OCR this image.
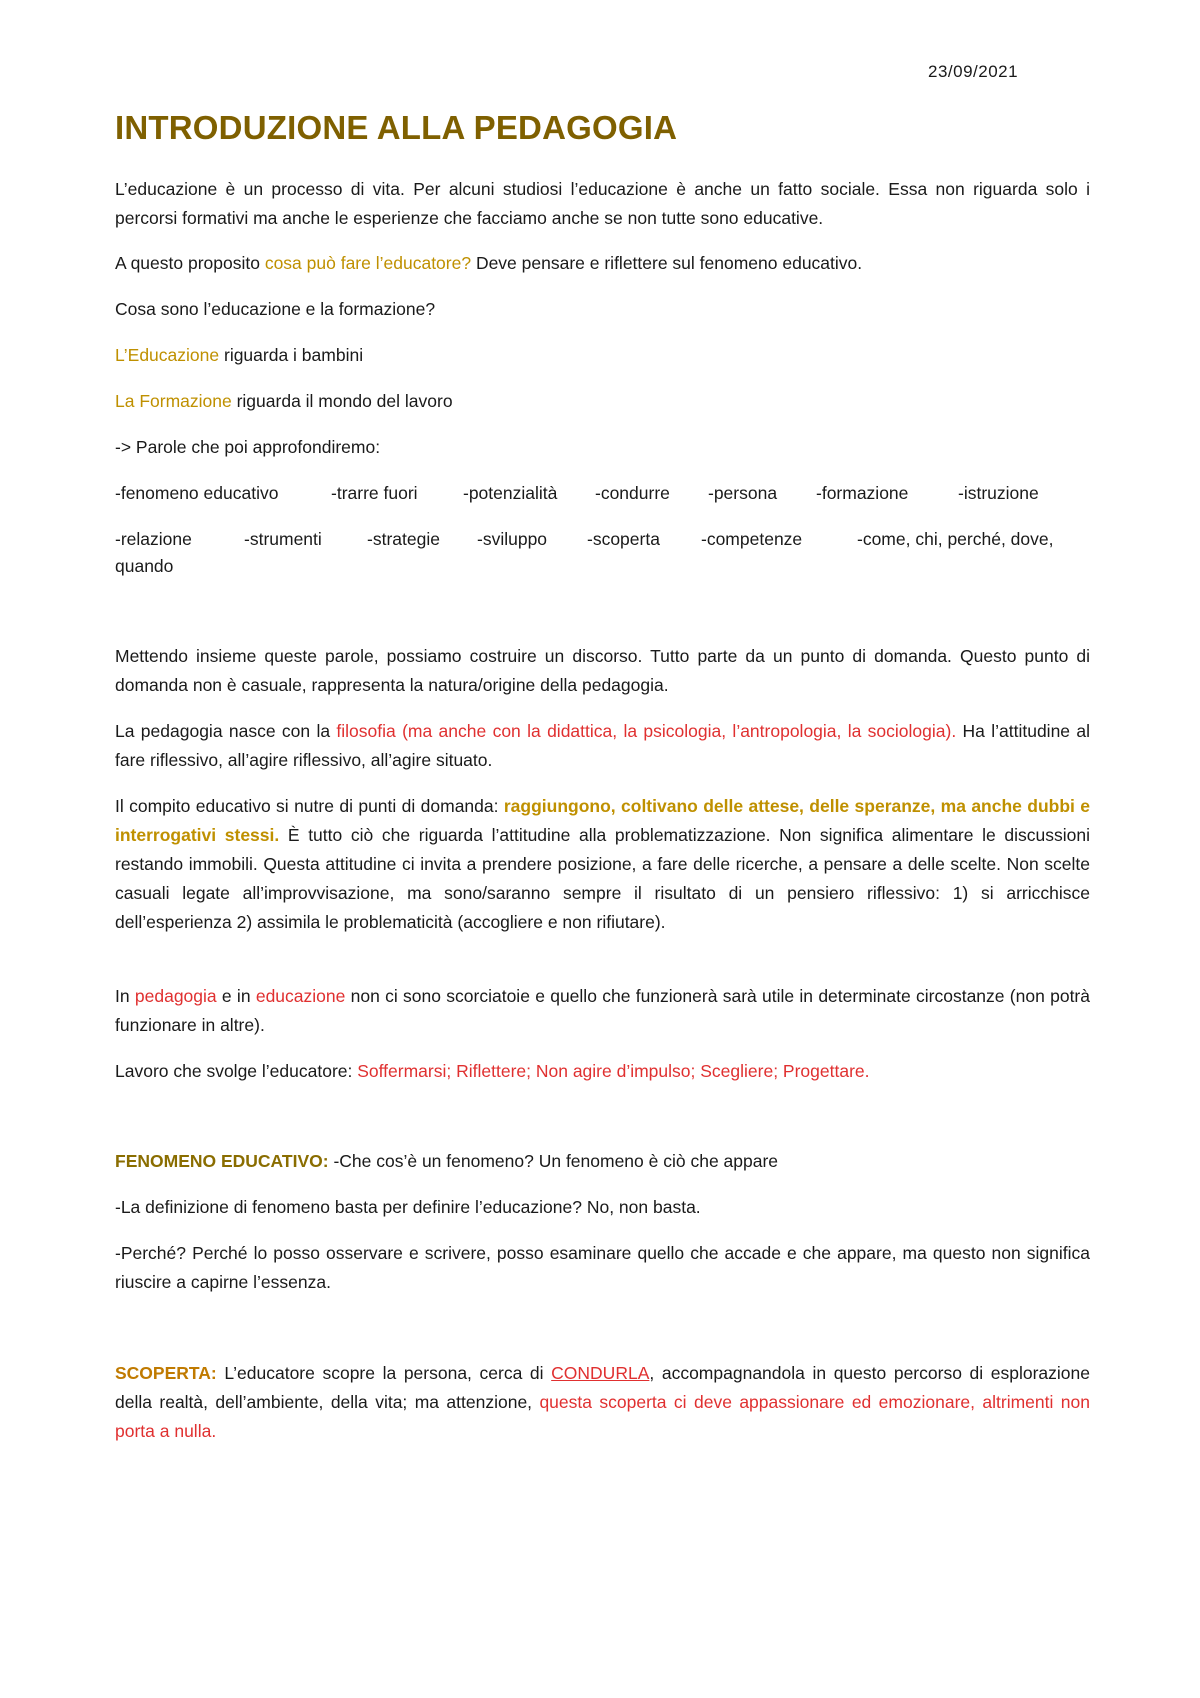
23/09/2021
INTRODUZIONE ALLA PEDAGOGIA

L’educazione è un processo di vita. Per alcuni studiosi l’educazione è anche un fatto sociale. Essa non riguarda solo i percorsi formativi ma anche le esperienze che facciamo anche se non tutte sono educative.

A questo proposito cosa può fare l’educatore? Deve pensare e riflettere sul fenomeno educativo.

Cosa sono l’educazione e la formazione?

L’Educazione riguarda i bambini

La Formazione riguarda il mondo del lavoro

-> Parole che poi approfondiremo:

-fenomeno educativo	-trarre fuori	-potenzialità -condurre -persona -formazione	-istruzione
-relazione	-strumenti	-strategie -sviluppo -scoperta -competenze	-come, chi, perché, dove,

quando

Mettendo insieme queste parole, possiamo costruire un discorso. Tutto parte da un punto di domanda. Questo punto di domanda non è casuale, rappresenta la natura/origine della pedagogia.

La pedagogia nasce con la filosofia (ma anche con la didattica, la psicologia, l’antropologia, la sociologia). Ha l’attitudine al fare riflessivo, all’agire riflessivo, all’agire situato.

Il compito educativo si nutre di punti di domanda: raggiungono, coltivano delle attese, delle speranze, ma anche dubbi e interrogativi stessi. È tutto ciò che riguarda l’attitudine alla problematizzazione. Non significa alimentare le discussioni restando immobili. Questa attitudine ci invita a prendere posizione, a fare delle ricerche, a pensare a delle scelte. Non scelte casuali legate all’improvvisazione, ma sono/saranno sempre il risultato di un pensiero riflessivo: 1) si arricchisce dell’esperienza 2) assimila le problematicità (accogliere e non rifiutare).

In pedagogia e in educazione non ci sono scorciatoie e quello che funzionerà sarà utile in determinate circostanze (non potrà funzionare in altre).

Lavoro che svolge l’educatore: Soffermarsi; Riflettere; Non agire d’impulso; Scegliere; Progettare.

FENOMENO EDUCATIVO: -Che cos’è un fenomeno? Un fenomeno è ciò che appare

-La definizione di fenomeno basta per definire l’educazione? No, non basta.

-Perché? Perché lo posso osservare e scrivere, posso esaminare quello che accade e che appare, ma questo non significa riuscire a capirne l’essenza.

SCOPERTA: L’educatore scopre la persona, cerca di CONDURLA, accompagnandola in questo percorso di esplorazione della realtà, dell’ambiente, della vita; ma attenzione, questa scoperta ci deve appassionare ed emozionare, altrimenti non porta a nulla.
